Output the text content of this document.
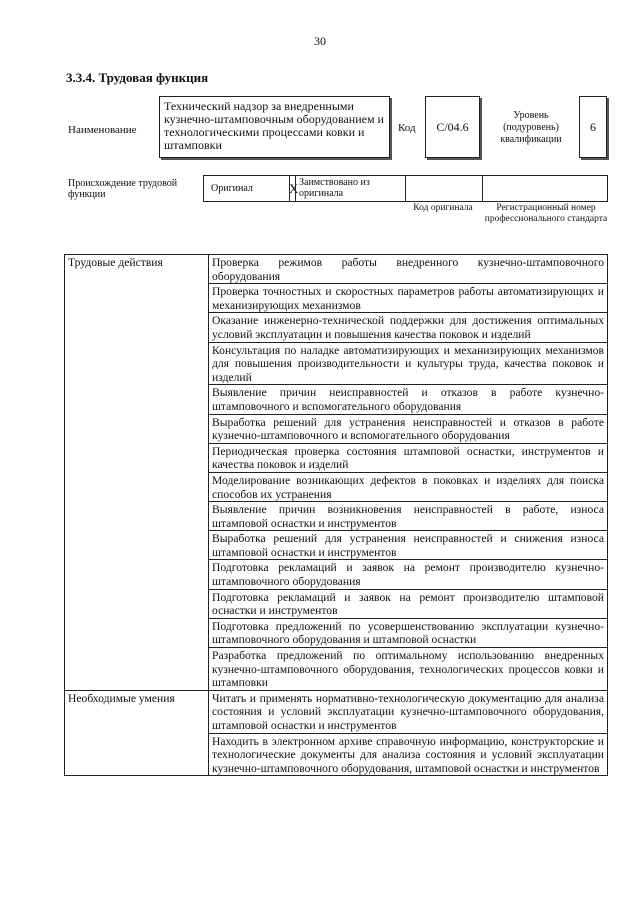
30
3.3.4. Трудовая функция
Наименование
Технический надзор за внедренными кузнечно-штамповочным оборудованием и технологическими процессами ковки и штамповки
Код	C/04.6
Уровень (подуровень) квалификации
6
Происхождение трудовой функции
Оригинал	X Заимствовано из оригинала
Код оригинала	Регистрационный номер профессионального стандарта
Трудовые действия	Проверка режимов работы внедренного кузнечно-штамповочного оборудования
	Проверка точностных и скоростных параметров работы автоматизирующих и механизирующих механизмов
	Оказание инженерно-технической поддержки для достижения оптимальных условий эксплуатации и повышения качества поковок и изделий
	Консультация по наладке автоматизирующих и механизирующих механизмов для повышения производительности и культуры труда, качества поковок и изделий
	Выявление причин неисправностей и отказов в работе кузнечно-штамповочного и вспомогательного оборудования
	Выработка решений для устранения неисправностей и отказов в работе кузнечно-штамповочного и вспомогательного оборудования
	Периодическая проверка состояния штамповой оснастки, инструментов и качества поковок и изделий
	Моделирование возникающих дефектов в поковках и изделиях для поиска способов их устранения
	Выявление причин возникновения неисправностей в работе, износа штамповой оснастки и инструментов
	Выработка решений для устранения неисправностей и снижения износа штамповой оснастки и инструментов
	Подготовка рекламаций и заявок на ремонт производителю кузнечно-штамповочного оборудования
	Подготовка рекламаций и заявок на ремонт производителю штамповой оснастки и инструментов
	Подготовка предложений по усовершенствованию эксплуатации кузнечно-штамповочного оборудования и штамповой оснастки
	Разработка предложений по оптимальному использованию внедренных кузнечно-штамповочного оборудования, технологических процессов ковки и штамповки
Необходимые умения	Читать и применять нормативно-технологическую документацию для анализа состояния и условий эксплуатации кузнечно-штамповочного оборудования, штамповой оснастки и инструментов
	Находить в электронном архиве справочную информацию, конструкторские и технологические документы для анализа состояния и условий эксплуатации кузнечно-штамповочного оборудования, штамповой оснастки и инструментов
